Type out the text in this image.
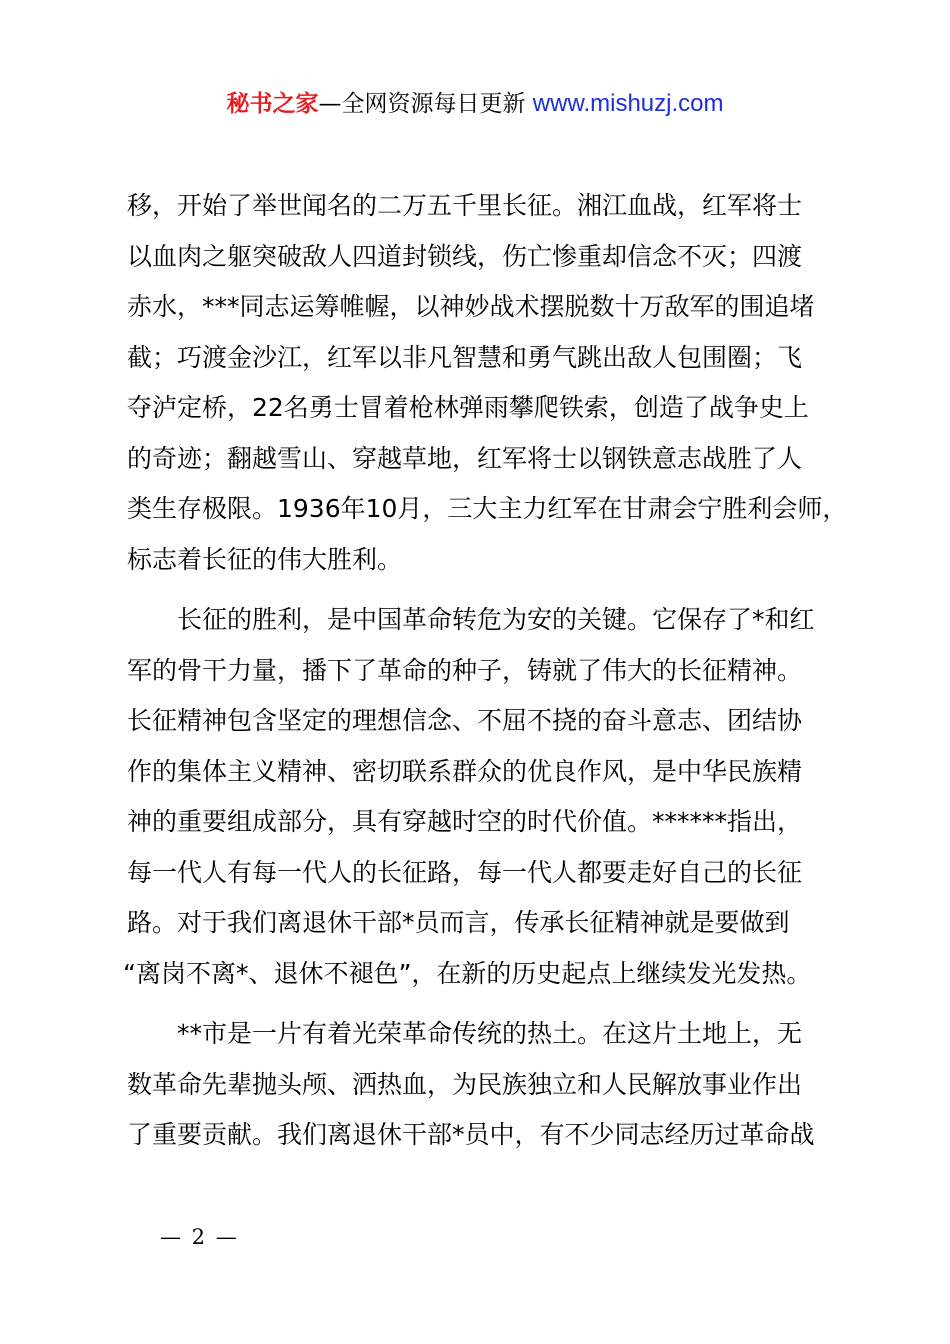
秘书之家—全网资源每日更新 www.mishuzj.com

移，开始了举世闻名的二万五千里长征。湘江血战，红军将士
以血肉之躯突破敌人四道封锁线，伤亡惨重却信念不灭；四渡
赤水，***同志运筹帷幄，以神妙战术摆脱数十万敌军的围追堵
截；巧渡金沙江，红军以非凡智慧和勇气跳出敌人包围圈；飞
夺泸定桥，22名勇士冒着枪林弹雨攀爬铁索，创造了战争史上
的奇迹；翻越雪山、穿越草地，红军将士以钢铁意志战胜了人
类生存极限。1936年10月，三大主力红军在甘肃会宁胜利会师，
标志着长征的伟大胜利。

长征的胜利，是中国革命转危为安的关键。它保存了*和红
军的骨干力量，播下了革命的种子，铸就了伟大的长征精神。
长征精神包含坚定的理想信念、不屈不挠的奋斗意志、团结协
作的集体主义精神、密切联系群众的优良作风，是中华民族精
神的重要组成部分，具有穿越时空的时代价值。******指出，
每一代人有每一代人的长征路，每一代人都要走好自己的长征
路。对于我们离退休干部*员而言，传承长征精神就是要做到
“离岗不离*、退休不褪色”，在新的历史起点上继续发光发热。

**市是一片有着光荣革命传统的热土。在这片土地上，无
数革命先辈抛头颅、洒热血，为民族独立和人民解放事业作出
了重要贡献。我们离退休干部*员中，有不少同志经历过革命战

— 2 —
